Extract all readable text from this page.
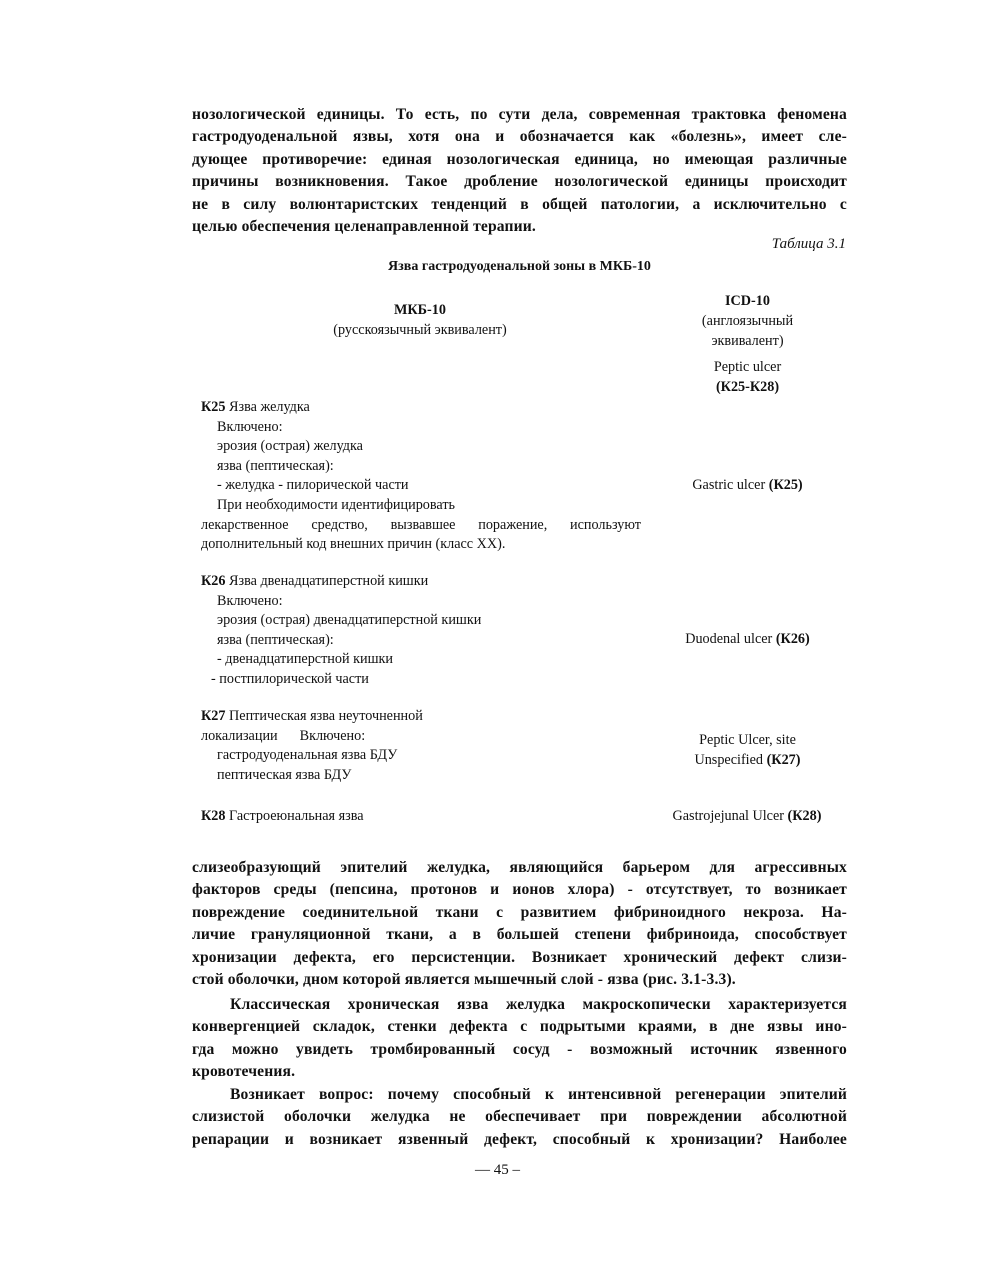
нозологической единицы. То есть, по сути дела, современная трактовка феномена
гастродуоденальной язвы, хотя она и обозначается как «болезнь», имеет сле-
дующее противоречие: единая нозологическая единица, но имеющая различные
причины возникновения. Такое дробление нозологической единицы происходит
не в силу волюнтаристских тенденций в общей патологии, а исключительно с
целью обеспечения целенаправленной терапии.
Таблица 3.1
Язва гастродуоденальной зоны в МКБ-10
МКБ-10
(русскоязычный эквивалент)
ICD-10
(англоязычный
эквивалент)
Peptic ulcer
(К25-К28)
К25 Язва желудка
Включено:
эрозия (острая) желудка
язва (пептическая):
- желудка - пилорической части
При необходимости идентифицировать
лекарственное средство, вызвавшее поражение, используют
дополнительный код внешних причин (класс XX).
Gastric ulcer (К25)
К26 Язва двенадцатиперстной кишки
Включено:
эрозия (острая) двенадцатиперстной кишки
язва (пептическая):
- двенадцатиперстной кишки
- постпилорической части
Duodenal ulcer (К26)
К27 Пептическая язва неуточненной
локализации Включено:
гастродуоденальная язва БДУ
пептическая язва БДУ
Peptic Ulcer, site
Unspecified (К27)
К28 Гастроеюнальная язва	Gastrojejunal Ulcer (К28)
слизеобразующий эпителий желудка, являющийся барьером для агрессивных
факторов среды (пепсина, протонов и ионов хлора) - отсутствует, то возникает
повреждение соединительной ткани с развитием фибриноидного некроза. На-
личие грануляционной ткани, а в большей степени фибриноида, способствует
хронизации дефекта, его персистенции. Возникает хронический дефект слизи-
стой оболочки, дном которой является мышечный слой - язва (рис. 3.1-3.3).
Классическая хроническая язва желудка макроскопически характеризуется
конвергенцией складок, стенки дефекта с подрытыми краями, в дне язвы ино-
гда можно увидеть тромбированный сосуд - возможный источник язвенного
кровотечения.
Возникает вопрос: почему способный к интенсивной регенерации эпителий
слизистой оболочки желудка не обеспечивает при повреждении абсолютной
репарации и возникает язвенный дефект, способный к хронизации? Наиболее
— 45 –
